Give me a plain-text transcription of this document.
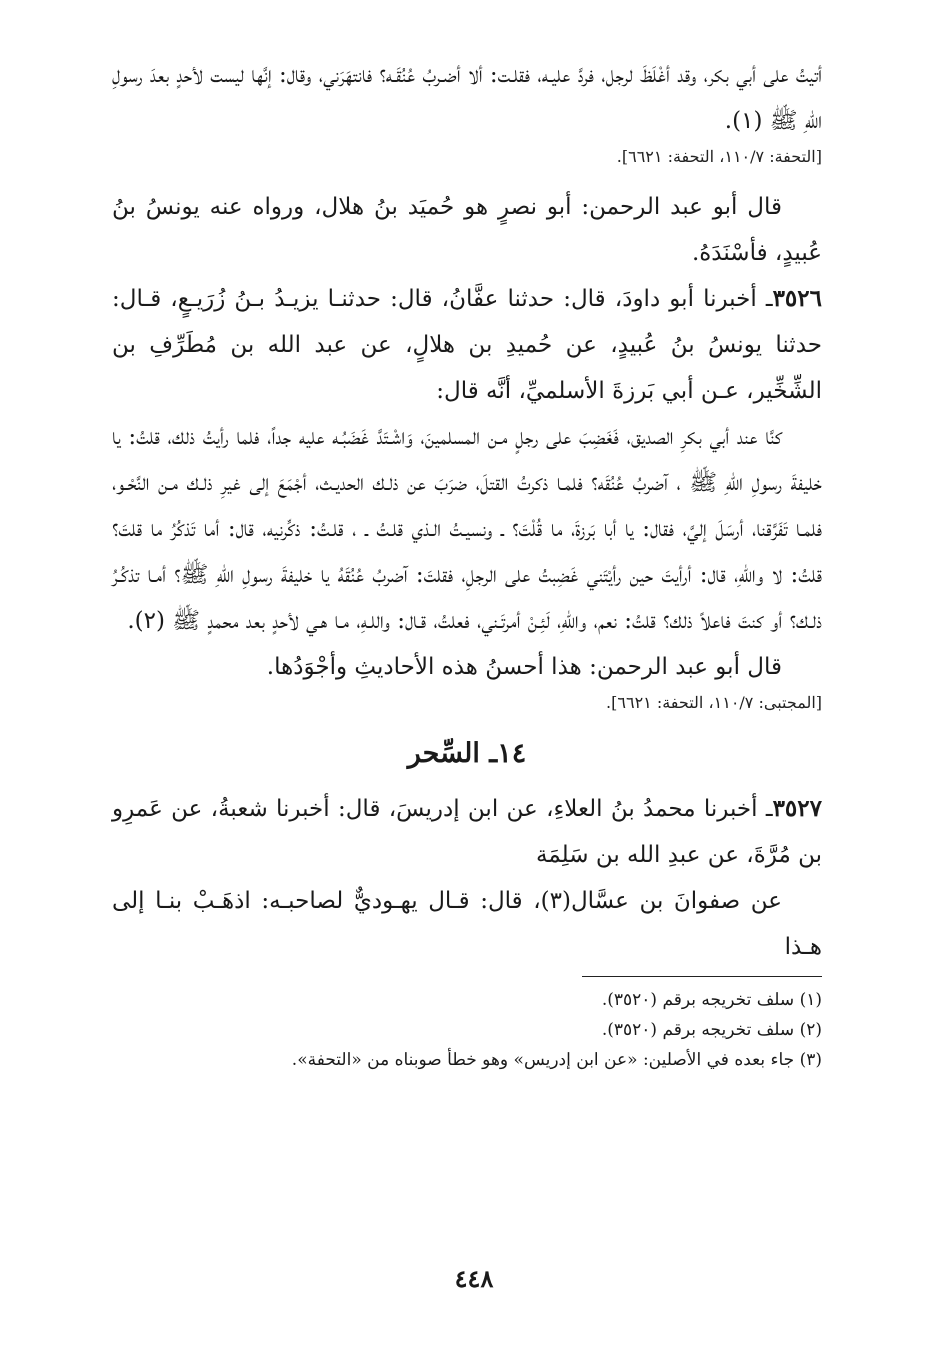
أتيتُ على أبي بكر، وقد أغْلَظَ لرجل، فردَّ عليـه، فقلـت: ألا أضـربُ عُنُقَـه؟ فانتهَرَني، وقال: إنَّها ليست لأحدٍ بعدَ رسولِ اللهِ ﷺ (١).

[التحفة: ١١٠/٧، التحفة: ٦٦٢١].

قال أبو عبد الرحمن: أبو نصرٍ هو حُميَد بنُ هلال، ورواه عنه يونسُ بنُ عُبيدٍ، فأسْنَدَهُ.

٣٥٢٦ـ أخبرنا أبو داودَ، قال: حدثنا عفَّانُ، قال: حدثنـا يزيـدُ بـنُ زُرَيـعٍ، قـال: حدثنا يونسُ بنُ عُبيدٍ، عن حُميدِ بن هلالٍ، عن عبد الله بن مُطَرِّفِ بن الشِّخِّير، عـن أبي بَرزةَ الأسلميِّ، أنَّه قال:

كنَّا عند أبي بكرِ الصديق، فَغَضِبَ على رجلٍ مـن المسلمينَ، وَاشْـتَدَّ غَضَبُـه عليه جداً، فلما رأيتُ ذلك، قلتُ: يا خليفةَ رسولِ اللهِ ﷺ ، آضربُ عُنُقَه؟ فلمـا ذكرتُ القتلَ، ضرَبَ عن ذلـك الحديـث، أجْمَعَ إلى غيرِ ذلـك مـن النَّحْـو، فلمـا تَفَرَّقنا، أرسَلَ إليَّ، فقال: يا أبا بَرزةَ، ما قُلْتَ؟ ـ ونسيـتُ الـذي قلـتُ ـ ، قلـتُ: ذكِّرنيه، قال: أما تَذكُرُ ما قلتَ؟ قلتُ: لا واللهِ، قال: أرأيتَ حين رأيْتَني غَضِبتُ على الرجلِ، فقلتَ: آضربُ عُنُقَهُ يا خليفةَ رسولِ اللهِ ﷺ؟ أمـا تذكُـرُ ذلـك؟ أو كنتَ فاعلاً ذلك؟ قلتُ: نعم، واللهِ، لَئِـنْ أمرتَـني، فعلتُ، قـال: واللـهِ، مـا هـي لأحدٍ بعد محمدٍ ﷺ (٢).

قال أبو عبد الرحمن: هذا أحسنُ هذه الأحاديثِ وأجْوَدُها.

[المجتبى: ١١٠/٧، التحفة: ٦٦٢١].

١٤ـ السِّحر

٣٥٢٧ـ أخبرنا محمدُ بنُ العلاءِ، عن ابن إدريسَ، قال: أخبرنا شعبةُ، عن عَمرِو بن مُرَّةَ، عن عبدِ الله بن سَلِمَة

عن صفوانَ بن عسَّال(٣)، قال: قـال يهـوديٌّ لصاحبـه: اذهَـبْ بنـا إلى هـذا

(١) سلف تخريجه برقم (٣٥٢٠).

(٢) سلف تخريجه برقم (٣٥٢٠).

(٣) جاء بعده في الأصلين: «عن ابن إدريس» وهو خطأ صوبناه من «التحفة».

٤٤٨
